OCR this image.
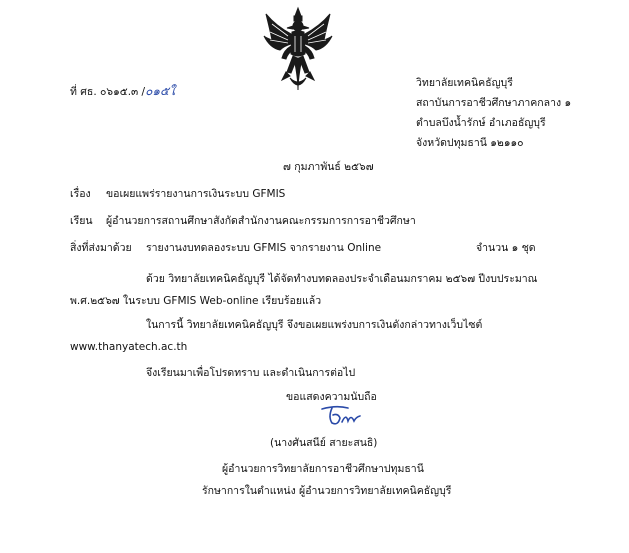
ที่ ศธ. ๐๖๑๕.๓ /๐๑๕ใ
วิทยาลัยเทคนิคธัญบุรี
สถาบันการอาชีวศึกษาภาคกลาง ๑
ตำบลบึงน้ำรักษ์ อำเภอธัญบุรี
จังหวัดปทุมธานี ๑๒๑๑๐
๗ กุมภาพันธ์ ๒๕๖๗
เรื่อง ขอเผยแพร่รายงานการเงินระบบ GFMIS
เรียน ผู้อำนวยการสถานศึกษาสังกัดสำนักงานคณะกรรมการการอาชีวศึกษา
สิ่งที่ส่งมาด้วย รายงานงบทดลองระบบ GFMIS จากรายงาน Online	จำนวน ๑ ชุด
ด้วย วิทยาลัยเทคนิคธัญบุรี ได้จัดทำงบทดลองประจำเดือนมกราคม ๒๕๖๗ ปีงบประมาณ
พ.ศ.๒๕๖๗ ในระบบ GFMIS Web-online เรียบร้อยแล้ว
ในการนี้ วิทยาลัยเทคนิคธัญบุรี จึงขอเผยแพร่งบการเงินดังกล่าวทางเว็บไซต์
www.thanyatech.ac.th
จึงเรียนมาเพื่อโปรดทราบ และดำเนินการต่อไป
ขอแสดงความนับถือ
(นางศันสนีย์ สายะสนธิ)
ผู้อำนวยการวิทยาลัยการอาชีวศึกษาปทุมธานี
รักษาการในตำแหน่ง ผู้อำนวยการวิทยาลัยเทคนิคธัญบุรี
